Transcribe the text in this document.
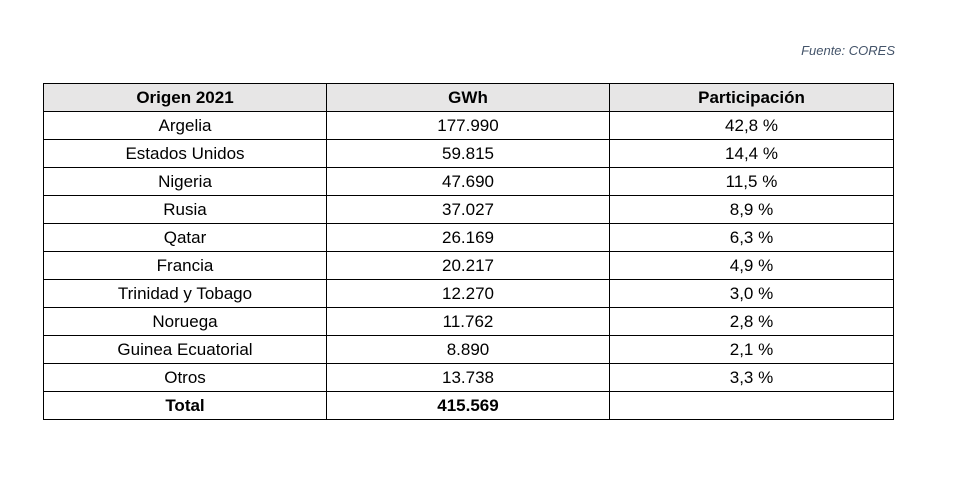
Fuente: CORES
Origen 2021	GWh	Participación
Argelia	177.990	42,8 %
Estados Unidos	59.815	14,4 %
Nigeria	47.690	11,5 %
Rusia	37.027	8,9 %
Qatar	26.169	6,3 %
Francia	20.217	4,9 %
Trinidad y Tobago	12.270	3,0 %
Noruega	11.762	2,8 %
Guinea Ecuatorial	8.890	2,1 %
Otros	13.738	3,3 %
Total	415.569	
